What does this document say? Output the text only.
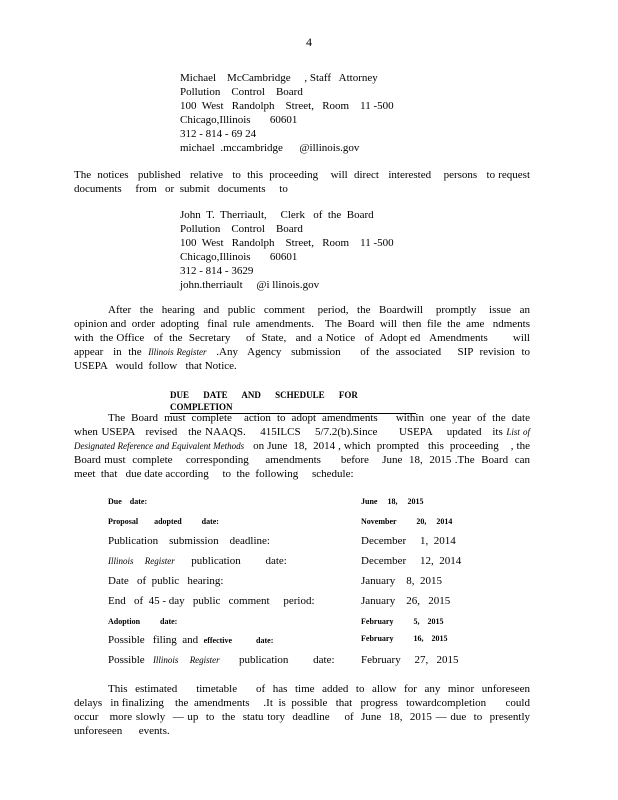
4
Michael    McCambridge     , Staff   Attorney
Pollution    Control    Board
100  West   Randolph    Street,   Room    11 -500
Chicago,Illinois       60601
312 - 814 - 69 24
michael  .mccambridge      @illinois.gov
The  notices   published   relative   to  this  proceeding    will  direct   interested    persons   to request documents     from   or  submit   documents     to
John  T.  Therriault,     Clerk   of  the  Board
Pollution    Control    Board
100  West   Randolph    Street,   Room    11 -500
Chicago,Illinois       60601
312 - 814 - 3629
john.therriault     @i llinois.gov
After  the  hearing  and  public  comment   period,  the  Boardwill   promptly   issue  an  opinion and  order  adopting   final  rule  amendments.    The  Board  will  then  file  the  ame   ndments   with  the Office   of  the  Secretary     of  State,   and  a Notice   of  Adopt ed   Amendments        will  appear   in  the Illinois Register   .Any   Agency   submission      of  the  associated     SIP  revision  to  USEPA   would  follow   that Notice.
DUE DATE AND SCHEDULE FOR COMPLETION
The  Board  must  complete    action  to  adopt  amendments      within  one  year  of  the  date  when USEPA   revised   the NAAQS.    415ILCS    5/7.2(b).Since      USEPA    updated   its List of Designated Reference and Equivalent Methods   on June  18,  2014 , which  prompted   this  proceeding    , the  Board must  complete    corresponding     amendments      before    June  18,  2015 .The  Board  can  meet  that   due date according     to  the  following     schedule:
Due    date:	June     18,     2015
Proposal        adopted          date:	November          20,     2014
Publication    submission    deadline:	December     1,  2014
Illinois     Register      publication         date:	December     12,  2014
Date   of  public   hearing:	January    8,  2015
End   of  45 - day   public   comment     period:	January    26,   2015
Adoption          date:	February          5,    2015
Possible   filing  and  effective            date:	February          16,    2015
Possible   Illinois     Register       publication         date: February     27,   2015
This  estimated     timetable     of  has  time  added  to  allow  for  any  minor  unforeseen     delays   in finalizing    the  amendments     .It  is  possible   that   progress   towardcompletion       could  occur   more slowly  — up  to  the  statu tory  deadline    of  June  18,  2015 — due  to  presently    unforeseen      events.
